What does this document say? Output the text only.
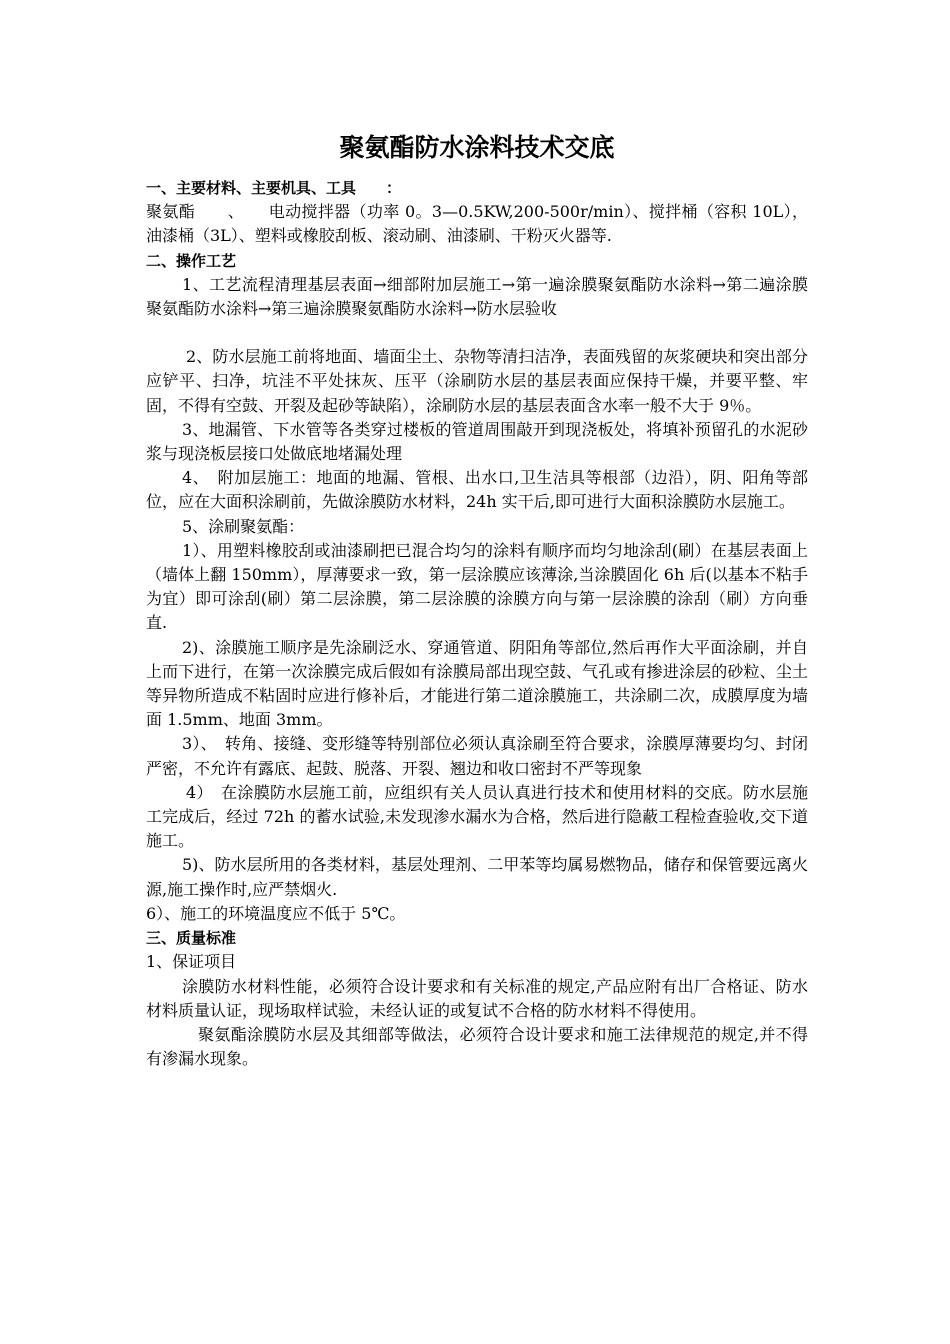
聚氨酯防水涂料技术交底

一、主要材料、主要机具、工具　　：

聚氨酯　　、　　电动搅拌器（功率 0。3—0.5KW,200-500r/min）、搅拌桶（容积 10L），油漆桶（3L）、塑料或橡胶刮板、滚动刷、油漆刷、干粉灭火器等.

二、操作工艺

1、工艺流程清理基层表面→细部附加层施工→第一遍涂膜聚氨酯防水涂料→第二遍涂膜聚氨酯防水涂料→第三遍涂膜聚氨酯防水涂料→防水层验收

2、防水层施工前将地面、墙面尘土、杂物等清扫洁净，表面残留的灰浆硬块和突出部分应铲平、扫净，坑洼不平处抹灰、压平（涂刷防水层的基层表面应保持干燥，并要平整、牢固，不得有空鼓、开裂及起砂等缺陷），涂刷防水层的基层表面含水率一般不大于 9％。

3、地漏管、下水管等各类穿过楼板的管道周围敲开到现浇板处，将填补预留孔的水泥砂浆与现浇板层接口处做底地堵漏处理

4、　附加层施工：地面的地漏、管根、出水口,卫生洁具等根部（边沿），阴、阳角等部位，应在大面积涂刷前，先做涂膜防水材料，24h 实干后,即可进行大面积涂膜防水层施工。

5、涂刷聚氨酯：

1）、用塑料橡胶刮或油漆刷把已混合均匀的涂料有顺序而均匀地涂刮(刷）在基层表面上（墙体上翻 150mm），厚薄要求一致，第一层涂膜应该薄涂,当涂膜固化 6h 后(以基本不粘手为宜）即可涂刮(刷）第二层涂膜，第二层涂膜的涂膜方向与第一层涂膜的涂刮（刷）方向垂直.

2)、涂膜施工顺序是先涂刷泛水、穿通管道、阴阳角等部位,然后再作大平面涂刷，并自上而下进行，在第一次涂膜完成后假如有涂膜局部出现空鼓、气孔或有掺进涂层的砂粒、尘土等异物所造成不粘固时应进行修补后，才能进行第二道涂膜施工，共涂刷二次，成膜厚度为墙面 1.5mm、地面 3mm。

3）、　转角、接缝、变形缝等特别部位必须认真涂刷至符合要求，涂膜厚薄要均匀、封闭严密，不允许有露底、起鼓、脱落、开裂、翘边和收口密封不严等现象

4）　在涂膜防水层施工前，应组织有关人员认真进行技术和使用材料的交底。防水层施工完成后，经过 72h 的蓄水试验,未发现渗水漏水为合格，然后进行隐蔽工程检查验收,交下道施工。

5)、防水层所用的各类材料，基层处理剂、二甲苯等均属易燃物品，储存和保管要远离火源,施工操作时,应严禁烟火.

6）、施工的环境温度应不低于 5℃。

三、质量标准

1、保证项目

涂膜防水材料性能，必须符合设计要求和有关标准的规定,产品应附有出厂合格证、防水材料质量认证，现场取样试验，未经认证的或复试不合格的防水材料不得使用。

聚氨酯涂膜防水层及其细部等做法，必须符合设计要求和施工法律规范的规定,并不得有渗漏水现象。
